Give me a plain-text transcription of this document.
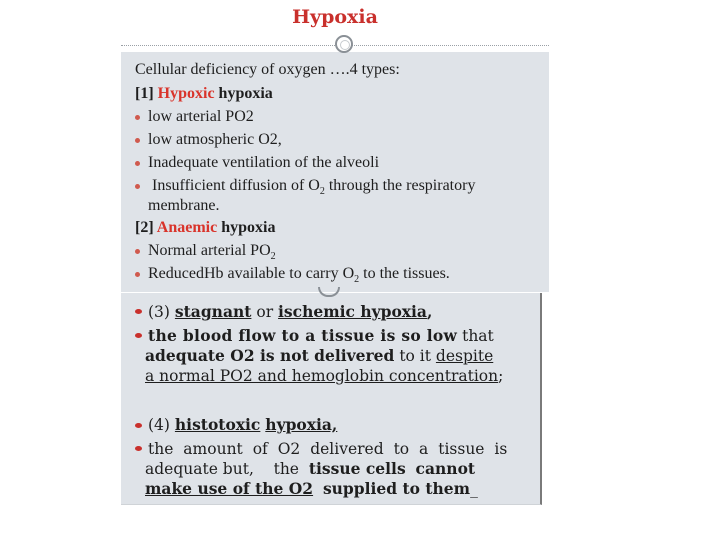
Hypoxia
Cellular deficiency of oxygen ….4 types:
[1] Hypoxic hypoxia
low arterial PO2
low atmospheric O2,
Inadequate ventilation of the alveoli
Insufficient diffusion of $O_2$ through the respiratory
membrane.
[2] Anaemic hypoxia
Normal arterial $PO_2$
ReducedHb available to carry $O_2$ to the tissues.
(3) stagnant or ischemic hypoxia,
the blood flow to a tissue is so low that
adequate O2 is not delivered to it despite
a normal PO2 and hemoglobin concentration;
(4) histotoxic hypoxia,
the amount of O2 delivered to a tissue is
adequate but, the tissue cells cannot
make use of the O2 supplied to them_
